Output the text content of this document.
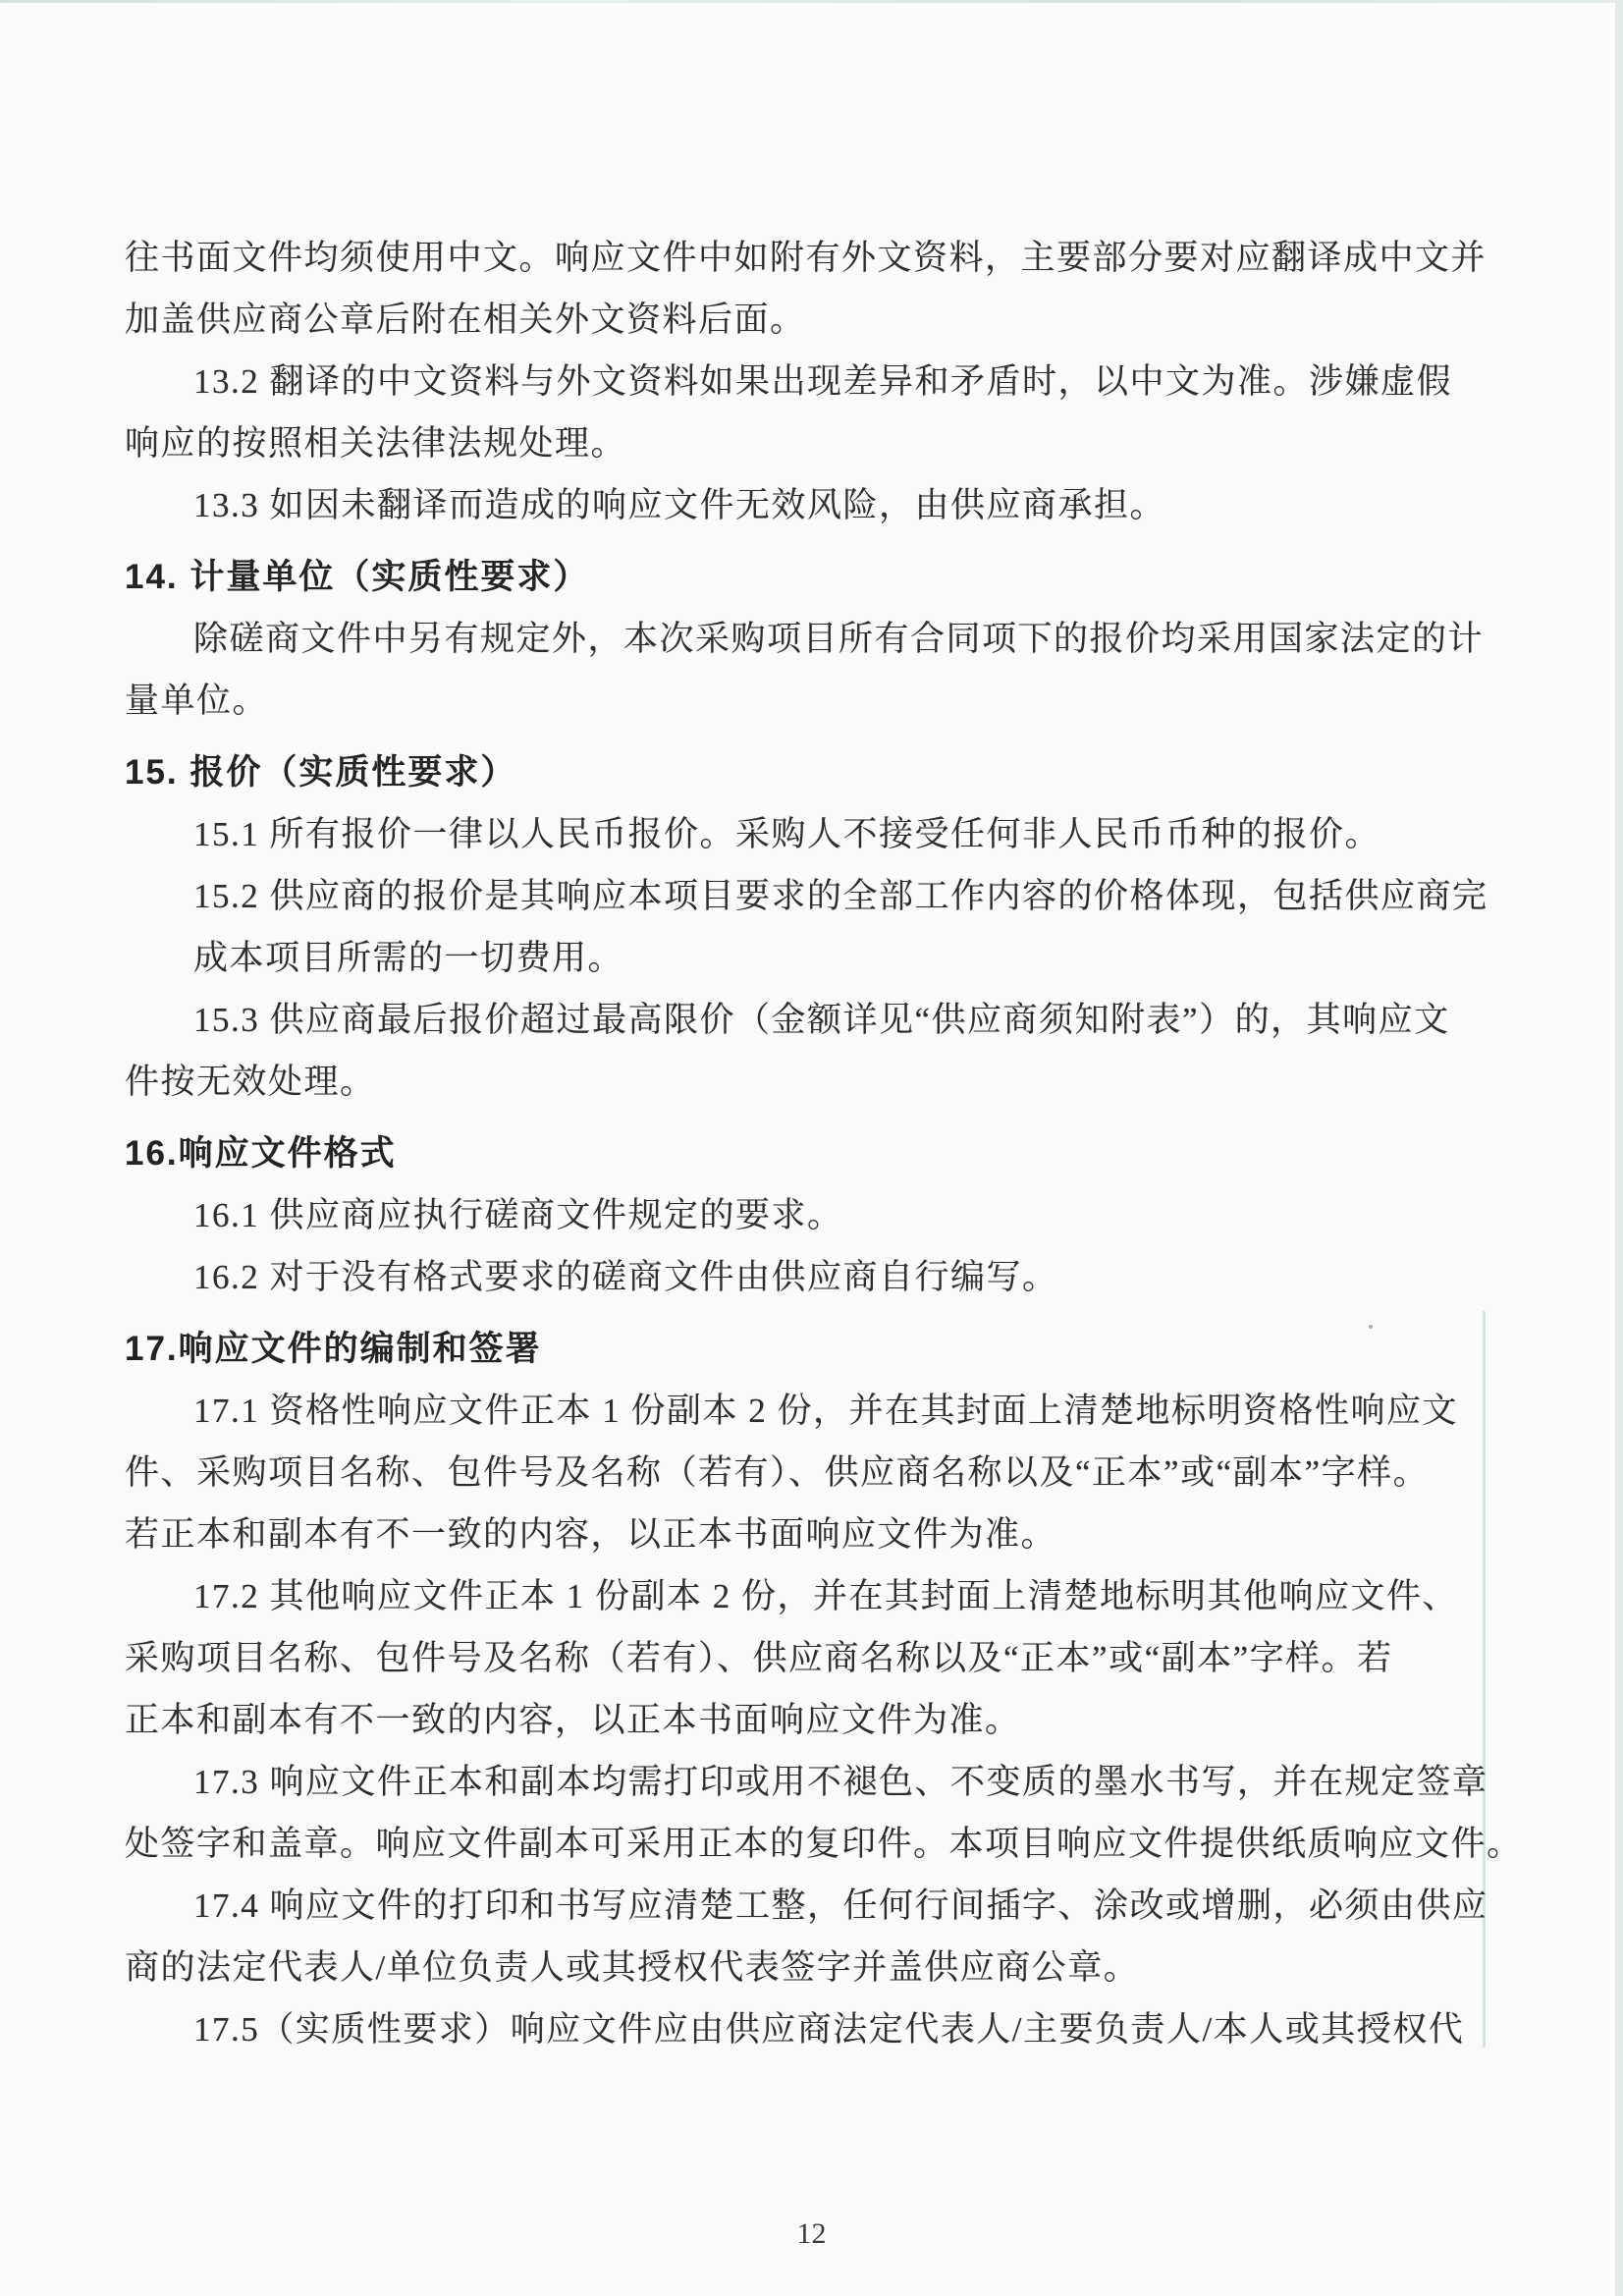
往书面文件均须使用中文。响应文件中如附有外文资料，主要部分要对应翻译成中文并
加盖供应商公章后附在相关外文资料后面。
13.2 翻译的中文资料与外文资料如果出现差异和矛盾时，以中文为准。涉嫌虚假
响应的按照相关法律法规处理。
13.3 如因未翻译而造成的响应文件无效风险，由供应商承担。
14. 计量单位（实质性要求）
除磋商文件中另有规定外，本次采购项目所有合同项下的报价均采用国家法定的计
量单位。
15. 报价（实质性要求）
15.1 所有报价一律以人民币报价。采购人不接受任何非人民币币种的报价。
15.2 供应商的报价是其响应本项目要求的全部工作内容的价格体现，包括供应商完
成本项目所需的一切费用。
15.3 供应商最后报价超过最高限价（金额详见“供应商须知附表”）的，其响应文
件按无效处理。
16.响应文件格式
16.1 供应商应执行磋商文件规定的要求。
16.2 对于没有格式要求的磋商文件由供应商自行编写。
17.响应文件的编制和签署
17.1 资格性响应文件正本 1 份副本 2 份，并在其封面上清楚地标明资格性响应文
件、采购项目名称、包件号及名称（若有）、供应商名称以及“正本”或“副本”字样。
若正本和副本有不一致的内容，以正本书面响应文件为准。
17.2 其他响应文件正本 1 份副本 2 份，并在其封面上清楚地标明其他响应文件、
采购项目名称、包件号及名称（若有）、供应商名称以及“正本”或“副本”字样。若
正本和副本有不一致的内容，以正本书面响应文件为准。
17.3 响应文件正本和副本均需打印或用不褪色、不变质的墨水书写，并在规定签章
处签字和盖章。响应文件副本可采用正本的复印件。本项目响应文件提供纸质响应文件。
17.4 响应文件的打印和书写应清楚工整，任何行间插字、涂改或增删，必须由供应
商的法定代表人/单位负责人或其授权代表签字并盖供应商公章。
17.5（实质性要求）响应文件应由供应商法定代表人/主要负责人/本人或其授权代
12
